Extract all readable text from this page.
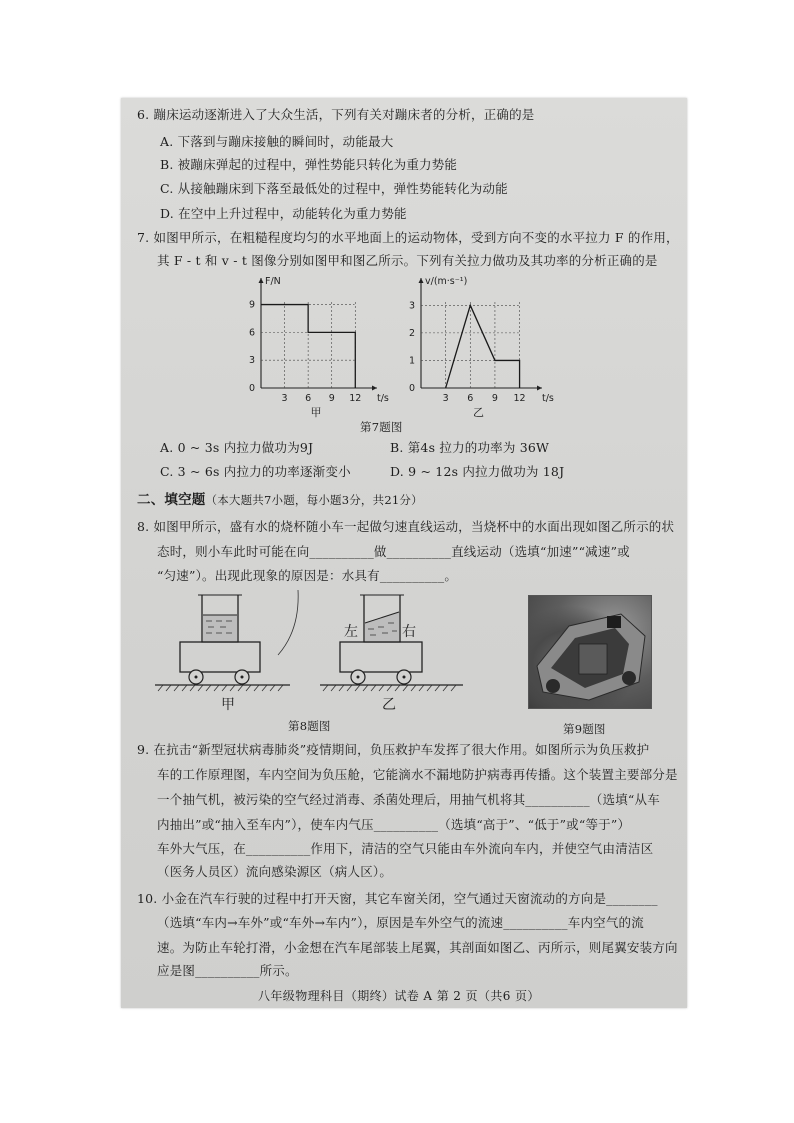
6. 蹦床运动逐渐进入了大众生活，下列有关对蹦床者的分析，正确的是
A. 下落到与蹦床接触的瞬间时，动能最大
B. 被蹦床弹起的过程中，弹性势能只转化为重力势能
C. 从接触蹦床到下落至最低处的过程中，弹性势能转化为动能
D. 在空中上升过程中，动能转化为重力势能
7. 如图甲所示，在粗糙程度均匀的水平地面上的运动物体，受到方向不变的水平拉力 F 的作用，
其 F - t 和 v - t 图像分别如图甲和图乙所示。下列有关拉力做功及其功率的分析正确的是
F/N
t/s
3 6 9 12
0
3
6
9
甲
v/(m·s⁻¹)
t/s
3 6 9 12
0
1
2
3
乙
第7题图
A. 0 ~ 3s 内拉力做功为9J	B. 第4s 拉力的功率为 36W
C. 3 ~ 6s 内拉力的功率逐渐变小	D. 9 ~ 12s 内拉力做功为 18J
二、填空题（本大题共7小题，每小题3分，共21分）
8. 如图甲所示，盛有水的烧杯随小车一起做匀速直线运动，当烧杯中的水面出现如图乙所示的状
态时，则小车此时可能在向__________做__________直线运动（选填“加速”“减速”或
“匀速”）。出现此现象的原因是：水具有__________。
甲
左	右
乙
第8题图	第9题图
9. 在抗击“新型冠状病毒肺炎”疫情期间，负压救护车发挥了很大作用。如图所示为负压救护
车的工作原理图，车内空间为负压舱，它能滴水不漏地防护病毒再传播。这个装置主要部分是
一个抽气机，被污染的空气经过消毒、杀菌处理后，用抽气机将其__________（选填“从车
内抽出”或“抽入至车内”），使车内气压__________（选填“高于”、“低于”或“等于”）
车外大气压，在__________作用下，清洁的空气只能由车外流向车内，并使空气由清洁区
（医务人员区）流向感染源区（病人区）。
10. 小金在汽车行驶的过程中打开天窗，其它车窗关闭，空气通过天窗流动的方向是________
（选填“车内→车外”或“车外→车内”），原因是车外空气的流速__________车内空气的流
速。为防止车轮打滑，小金想在汽车尾部装上尾翼，其剖面如图乙、丙所示，则尾翼安装方向
应是图__________所示。
八年级物理科目（期终）试卷 A 第 2 页（共6 页）
